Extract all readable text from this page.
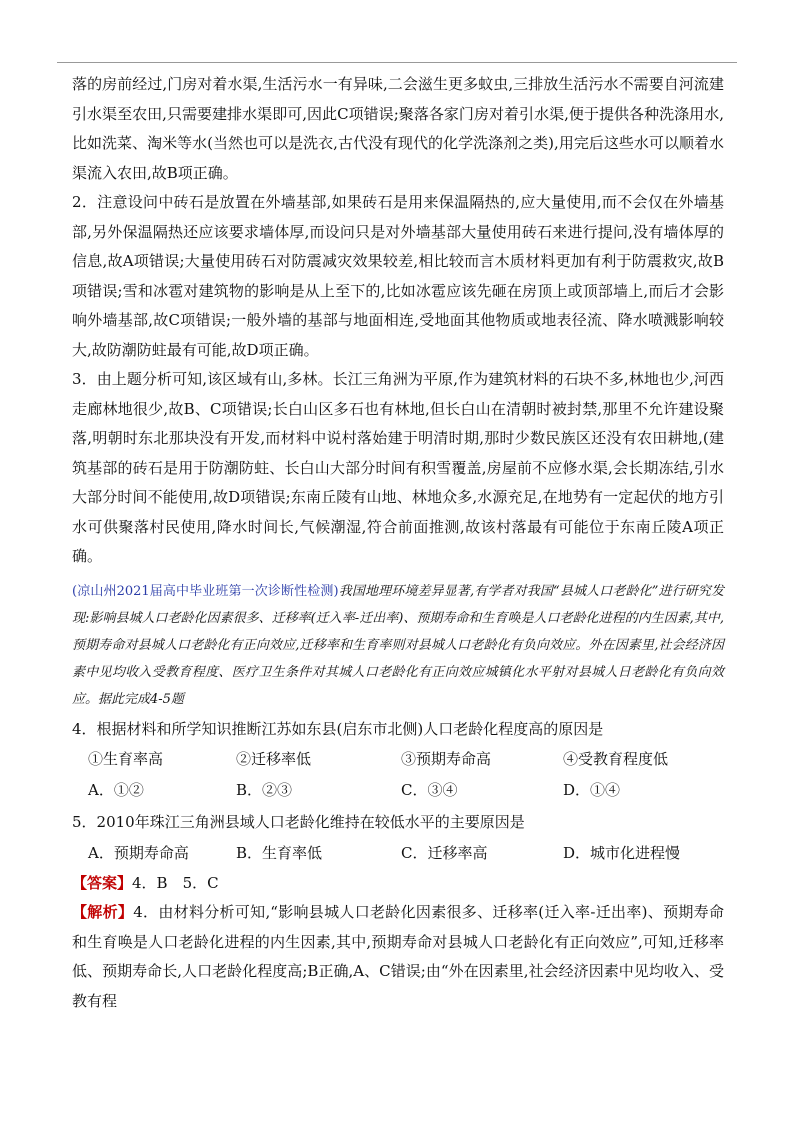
落的房前经过,门房对着水渠,生活污水一有异味,二会滋生更多蚊虫,三排放生活污水不需要自河流建引水渠至农田,只需要建排水渠即可,因此C项错误;聚落各家门房对着引水渠,便于提供各种洗涤用水,比如洗菜、淘米等水(当然也可以是洗衣,古代没有现代的化学洗涤剂之类),用完后这些水可以顺着水渠流入农田,故B项正确。

2．注意设问中砖石是放置在外墙基部,如果砖石是用来保温隔热的,应大量使用,而不会仅在外墙基部,另外保温隔热还应该要求墙体厚,而设问只是对外墙基部大量使用砖石来进行提问,没有墙体厚的信息,故A项错误;大量使用砖石对防震减灾效果较差,相比较而言木质材料更加有利于防震救灾,故B项错误;雪和冰雹对建筑物的影响是从上至下的,比如冰雹应该先砸在房顶上或顶部墙上,而后才会影响外墙基部,故C项错误;一般外墙的基部与地面相连,受地面其他物质或地表径流、降水喷溅影响较大,故防潮防蛀最有可能,故D项正确。

3．由上题分析可知,该区域有山,多林。长江三角洲为平原,作为建筑材料的石块不多,林地也少,河西走廊林地很少,故B、C项错误;长白山区多石也有林地,但长白山在清朝时被封禁,那里不允许建设聚落,明朝时东北那块没有开发,而材料中说村落始建于明清时期,那时少数民族区还没有农田耕地,(建筑基部的砖石是用于防潮防蛀、长白山大部分时间有积雪覆盖,房屋前不应修水渠,会长期冻结,引水大部分时间不能使用,故D项错误;东南丘陵有山地、林地众多,水源充足,在地势有一定起伏的地方引水可供聚落村民使用,降水时间长,气候潮湿,符合前面推测,故该村落最有可能位于东南丘陵A项正确。

(凉山州2021届高中毕业班第一次诊断性检测)我国地理环境差异显著,有学者对我国“县城人口老龄化”进行研究发现:影响县城人口老龄化因素很多、迁移率(迁入率-迁出率)、预期寿命和生育唤是人口老龄化进程的内生因素,其中,预期寿命对县城人口老龄化有正向效应,迁移率和生育率则对县城人口老龄化有负向效应。外在因素里,社会经济因素中见均收入受教育程度、医疗卫生条件对其城人口老龄化有正向效应城镇化水平射对县城人日老龄化有负向效应。据此完成4-5题

4．根据材料和所学知识推断江苏如东县(启东市北侧)人口老龄化程度高的原因是

①生育率高	②迁移率低	③预期寿命高	④受教育程度低
A．①②	B．②③	C．③④	D．①④

5．2010年珠江三角洲县域人口老龄化维持在较低水平的主要原因是

A．预期寿命高	B．生育率低	C．迁移率高	D．城市化进程慢

【答案】4．B　5．C

【解析】4．由材料分析可知,“影响县城人口老龄化因素很多、迁移率(迁入率-迁出率)、预期寿命和生育唤是人口老龄化进程的内生因素,其中,预期寿命对县城人口老龄化有正向效应”,可知,迁移率低、预期寿命长,人口老龄化程度高;B正确,A、C错误;由“外在因素里,社会经济因素中见均收入、受教有程
